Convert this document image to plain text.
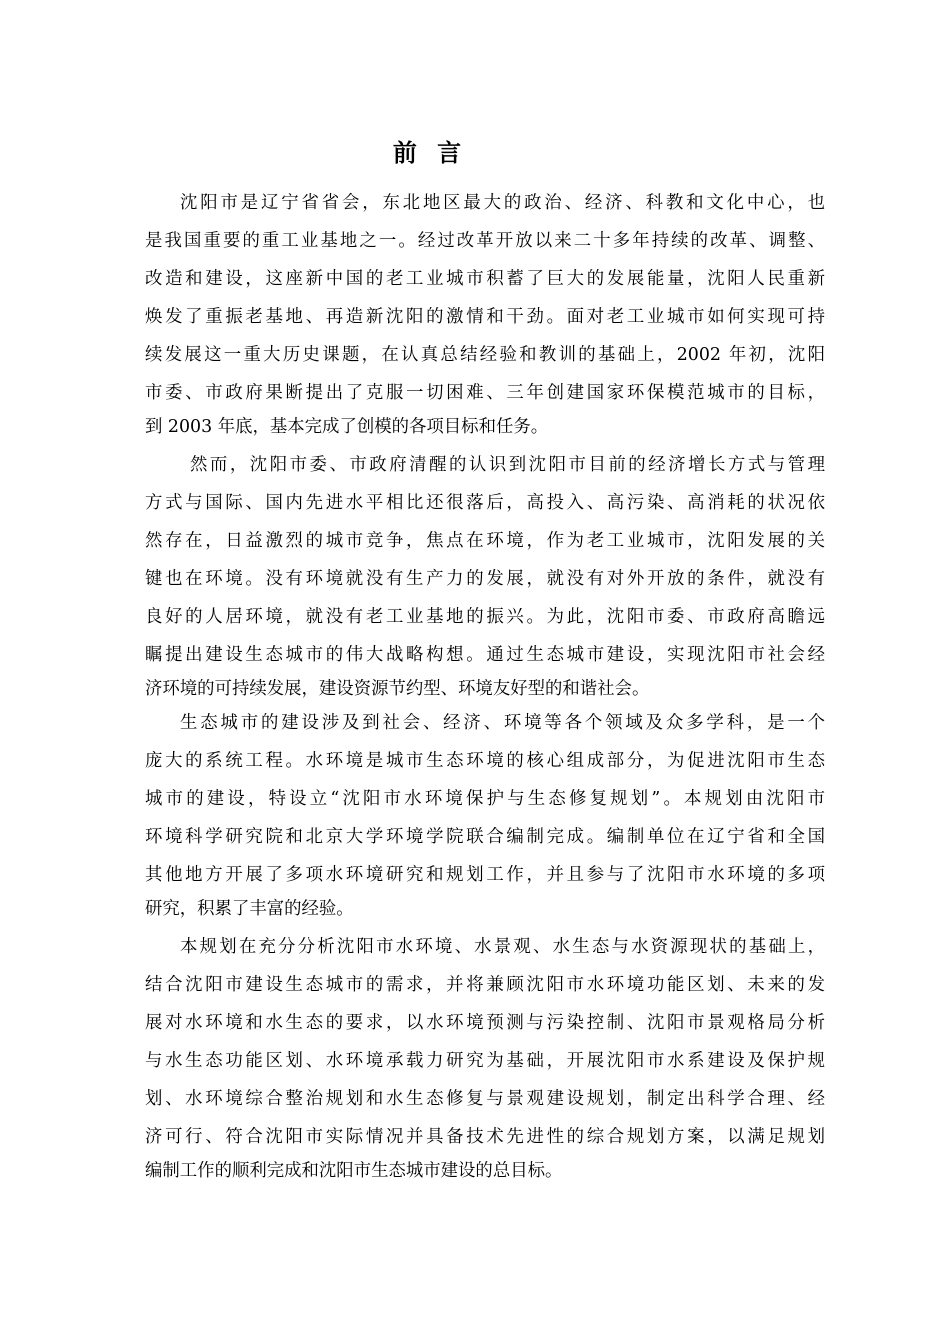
前 言
沈阳市是辽宁省省会，东北地区最大的政治、经济、科教和文化中心，也
是我国重要的重工业基地之一。经过改革开放以来二十多年持续的改革、调整、
改造和建设，这座新中国的老工业城市积蓄了巨大的发展能量，沈阳人民重新
焕发了重振老基地、再造新沈阳的激情和干劲。面对老工业城市如何实现可持
续发展这一重大历史课题，在认真总结经验和教训的基础上，2002 年初，沈阳
市委、市政府果断提出了克服一切困难、三年创建国家环保模范城市的目标，
到 2003 年底，基本完成了创模的各项目标和任务。
然而，沈阳市委、市政府清醒的认识到沈阳市目前的经济增长方式与管理
方式与国际、国内先进水平相比还很落后，高投入、高污染、高消耗的状况依
然存在，日益激烈的城市竞争，焦点在环境，作为老工业城市，沈阳发展的关
键也在环境。没有环境就没有生产力的发展，就没有对外开放的条件，就没有
良好的人居环境，就没有老工业基地的振兴。为此，沈阳市委、市政府高瞻远
瞩提出建设生态城市的伟大战略构想。通过生态城市建设，实现沈阳市社会经
济环境的可持续发展，建设资源节约型、环境友好型的和谐社会。
生态城市的建设涉及到社会、经济、环境等各个领域及众多学科，是一个
庞大的系统工程。水环境是城市生态环境的核心组成部分，为促进沈阳市生态
城市的建设，特设立“沈阳市水环境保护与生态修复规划”。本规划由沈阳市
环境科学研究院和北京大学环境学院联合编制完成。编制单位在辽宁省和全国
其他地方开展了多项水环境研究和规划工作，并且参与了沈阳市水环境的多项
研究，积累了丰富的经验。
本规划在充分分析沈阳市水环境、水景观、水生态与水资源现状的基础上，
结合沈阳市建设生态城市的需求，并将兼顾沈阳市水环境功能区划、未来的发
展对水环境和水生态的要求，以水环境预测与污染控制、沈阳市景观格局分析
与水生态功能区划、水环境承载力研究为基础，开展沈阳市水系建设及保护规
划、水环境综合整治规划和水生态修复与景观建设规划，制定出科学合理、经
济可行、符合沈阳市实际情况并具备技术先进性的综合规划方案，以满足规划
编制工作的顺利完成和沈阳市生态城市建设的总目标。
